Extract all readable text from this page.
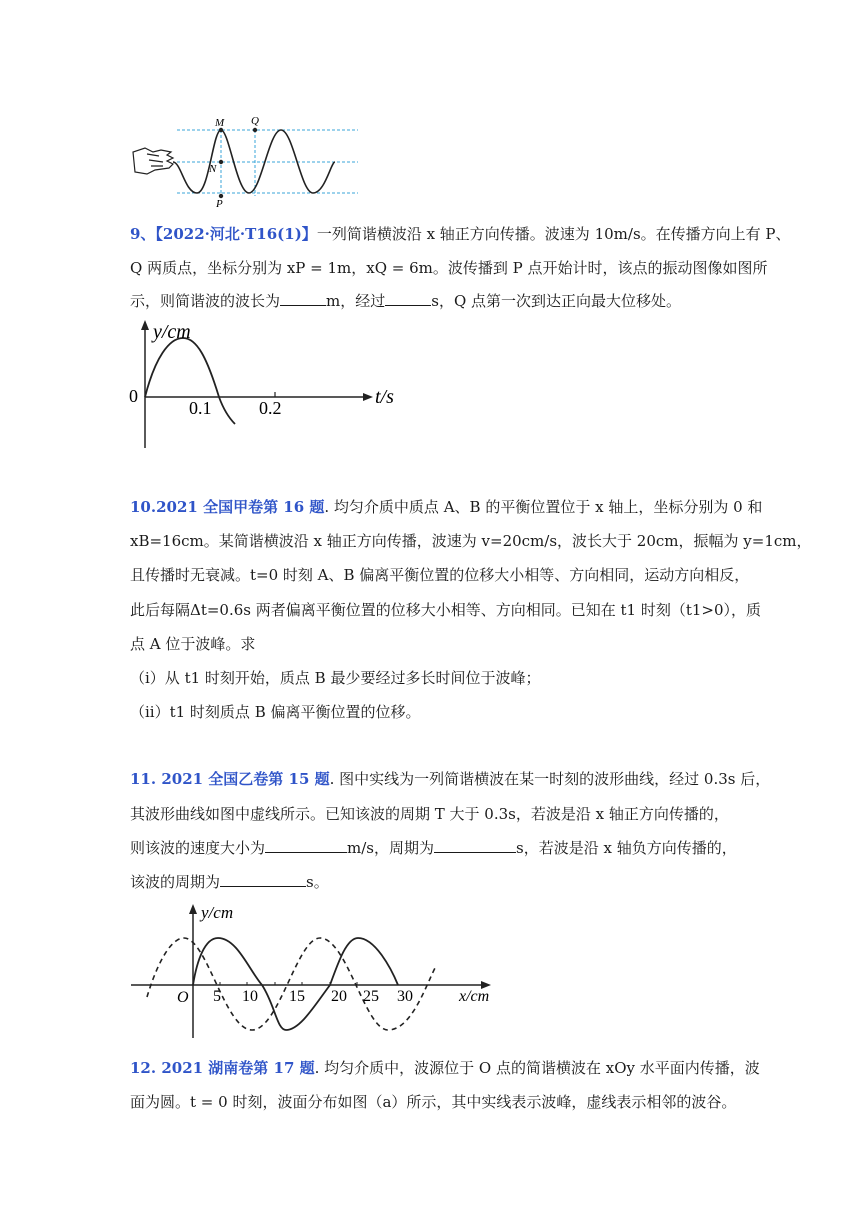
M Q
N
P
9、【2022·河北·T16(1)】一列简谐横波沿 x 轴正方向传播。波速为 10m/s。在传播方向上有 P、
Q 两质点，坐标分别为 xP = 1m，xQ = 6m。波传播到 P 点开始计时，该点的振动图像如图所
示，则简谐波的波长为	m，经过	s，Q 点第一次到达正向最大位移处。
y/cm
0
0.1	0.2	t/s
10.2021 全国甲卷第 16 题. 均匀介质中质点 A、B 的平衡位置位于 x 轴上，坐标分别为 0 和
xB=16cm。某简谐横波沿 x 轴正方向传播，波速为 v=20cm/s，波长大于 20cm，振幅为 y=1cm，
且传播时无衰减。t=0 时刻 A、B 偏离平衡位置的位移大小相等、方向相同，运动方向相反，
此后每隔Δt=0.6s 两者偏离平衡位置的位移大小相等、方向相同。已知在 t1 时刻（t1>0），质
点 A 位于波峰。求
（i）从 t1 时刻开始，质点 B 最少要经过多长时间位于波峰；
（ii）t1 时刻质点 B 偏离平衡位置的位移。
11. 2021 全国乙卷第 15 题. 图中实线为一列简谐横波在某一时刻的波形曲线，经过 0.3s 后，
其波形曲线如图中虚线所示。已知该波的周期 T 大于 0.3s，若波是沿 x 轴正方向传播的，
则该波的速度大小为	m/s，周期为	s，若波是沿 x 轴负方向传播的，
该波的周期为	s。
y/cm
O 5 10 15 20 25 30	x/cm
12. 2021 湖南卷第 17 题. 均匀介质中，波源位于 O 点的简谐横波在 xOy 水平面内传播，波
面为圆。t = 0 时刻，波面分布如图（a）所示，其中实线表示波峰，虚线表示相邻的波谷。
